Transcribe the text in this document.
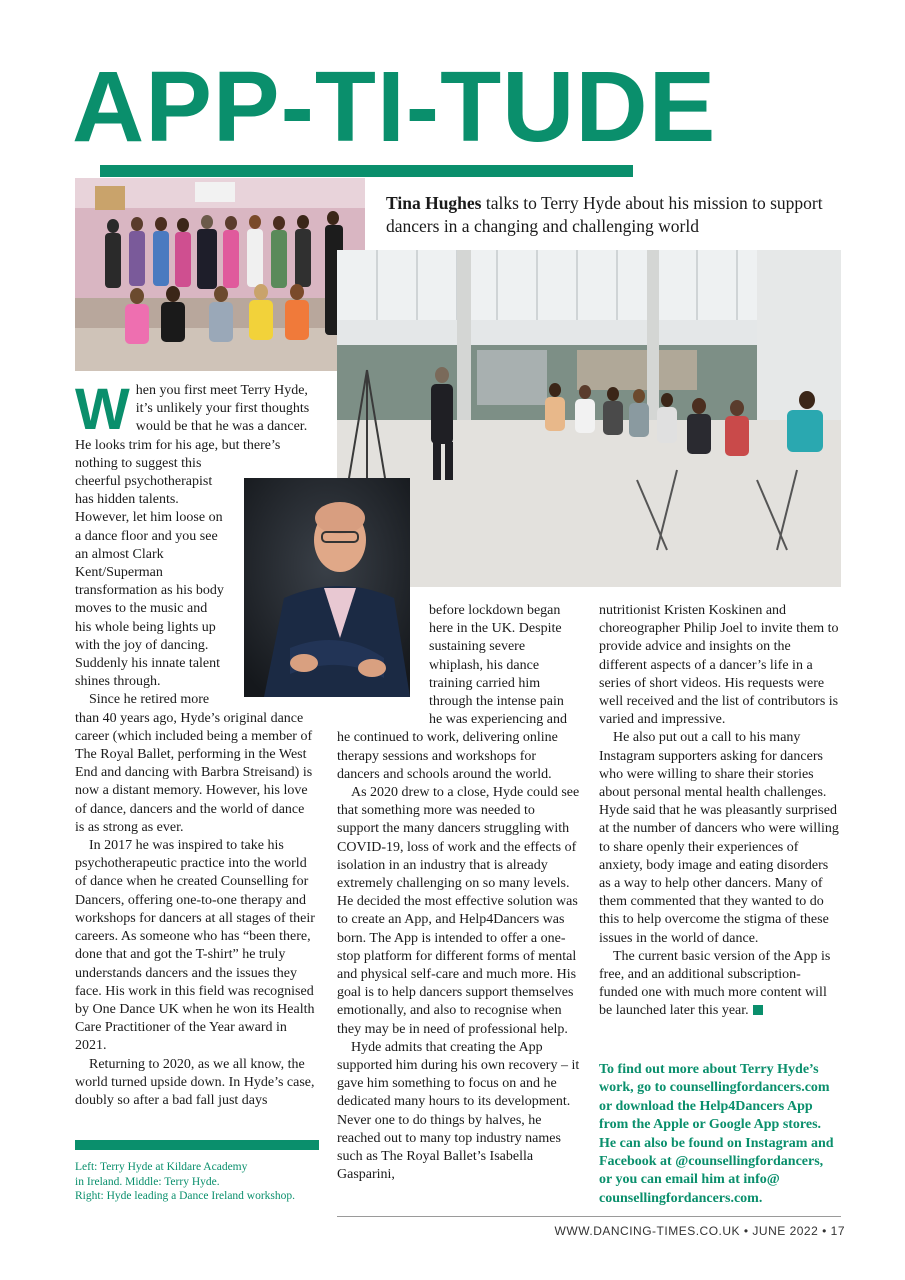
APP-TI-TUDE

Tina Hughes talks to Terry Hyde about his mission to support dancers in a changing and challenging world

W hen you first meet Terry Hyde, it’s unlikely your first thoughts would be that he was a dancer. He looks trim for his age, but there’s

nothing to suggest this cheerful psychotherapist has hidden talents. However, let him loose on a dance floor and you see an almost Clark Kent/Superman transformation as his body moves to the music and his whole being lights up with the joy of dancing. Suddenly his innate talent shines through.

Since he retired more

than 40 years ago, Hyde’s original dance career (which included being a member of The Royal Ballet, performing in the West End and dancing with Barbra Streisand) is now a distant memory. However, his love of dance, dancers and the world of dance is as strong as ever.

In 2017 he was inspired to take his psychotherapeutic practice into the world of dance when he created Counselling for Dancers, offering one-to-one therapy and workshops for dancers at all stages of their careers. As someone who has “been there, done that and got the T-shirt” he truly understands dancers and the issues they face. His work in this field was recognised by One Dance UK when he won its Health Care Practitioner of the Year award in 2021.

Returning to 2020, as we all know, the world turned upside down. In Hyde’s case, doubly so after a bad fall just days

Left: Terry Hyde at Kildare Academy
in Ireland. Middle: Terry Hyde.
Right: Hyde leading a Dance Ireland workshop.

before lockdown began here in the UK. Despite sustaining severe whiplash, his dance training carried him through the intense pain he was experiencing and

he continued to work, delivering online therapy sessions and workshops for dancers and schools around the world.

As 2020 drew to a close, Hyde could see that something more was needed to support the many dancers struggling with COVID-19, loss of work and the effects of isolation in an industry that is already extremely challenging on so many levels. He decided the most effective solution was to create an App, and Help4Dancers was born. The App is intended to offer a one-stop platform for different forms of mental and physical self-care and much more. His goal is to help dancers support themselves emotionally, and also to recognise when they may be in need of professional help.

Hyde admits that creating the App supported him during his own recovery – it gave him something to focus on and he dedicated many hours to its development. Never one to do things by halves, he reached out to many top industry names such as The Royal Ballet’s Isabella Gasparini,

nutritionist Kristen Koskinen and choreographer Philip Joel to invite them to provide advice and insights on the different aspects of a dancer’s life in a series of short videos. His requests were well received and the list of contributors is varied and impressive.

He also put out a call to his many Instagram supporters asking for dancers who were willing to share their stories about personal mental health challenges. Hyde said that he was pleasantly surprised at the number of dancers who were willing to share openly their experiences of anxiety, body image and eating disorders as a way to help other dancers. Many of them commented that they wanted to do this to help overcome the stigma of these issues in the world of dance.

The current basic version of the App is free, and an additional subscription-funded one with much more content will be launched later this year.

To find out more about Terry Hyde’s
work, go to counsellingfordancers.com
or download the Help4Dancers App
from the Apple or Google App stores.
He can also be found on Instagram and
Facebook at @counsellingfordancers,
or you can email him at info@
counsellingfordancers.com.
WWW.DANCING-TIMES.CO.UK • JUNE 2022 • 17
